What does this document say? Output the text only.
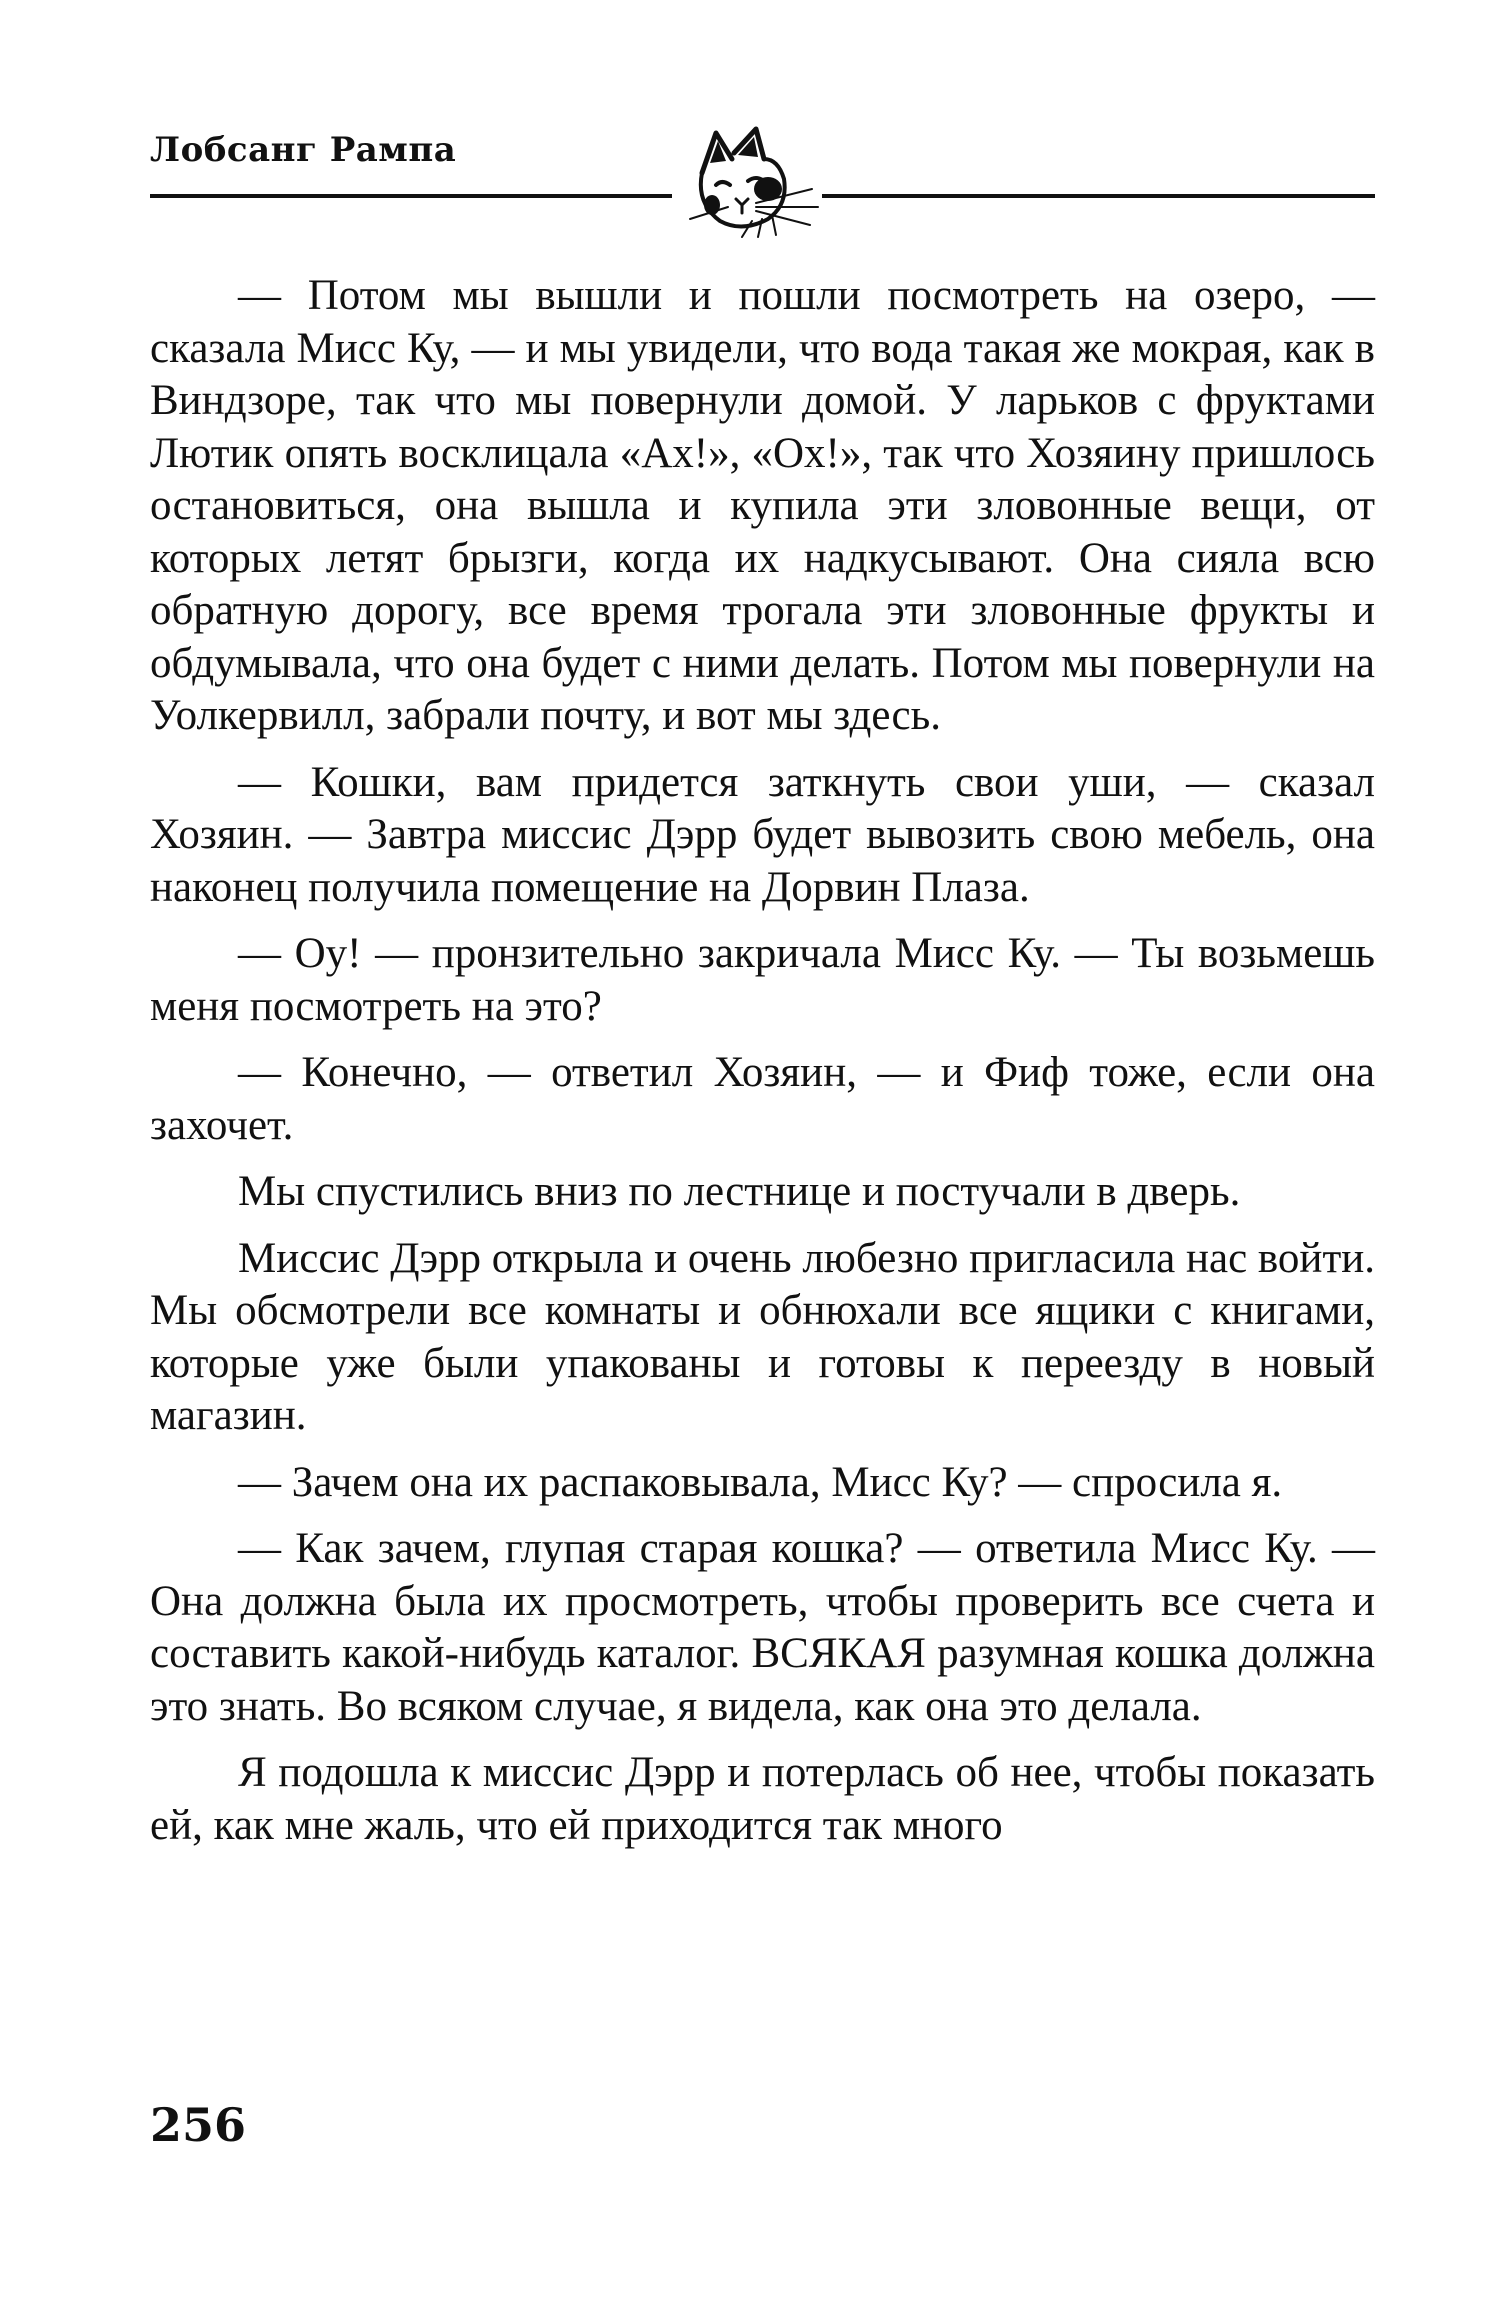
Лобсанг Рампа

— Потом мы вышли и пошли посмотреть на озеро, — сказала Мисс Ку, — и мы увидели, что вода такая же мокрая, как в Виндзоре, так что мы повернули домой. У ларьков с фруктами Лютик опять восклицала «Ах!», «Ох!», так что Хозяину пришлось остановиться, она вышла и купила эти зловонные вещи, от которых летят брызги, когда их надкусывают. Она сияла всю обратную дорогу, все время трогала эти зловонные фрукты и обдумывала, что она будет с ними делать. Потом мы повернули на Уолкервилл, забрали почту, и вот мы здесь.

— Кошки, вам придется заткнуть свои уши, — сказал Хозяин. — Завтра миссис Дэрр будет вывозить свою мебель, она наконец получила помещение на Дорвин Плаза.

— Оу! — пронзительно закричала Мисс Ку. — Ты возьмешь меня посмотреть на это?

— Конечно, — ответил Хозяин, — и Фиф тоже, если она захочет.

Мы спустились вниз по лестнице и постучали в дверь.

Миссис Дэрр открыла и очень любезно пригласила нас войти. Мы обсмотрели все комнаты и обнюхали все ящики с книгами, которые уже были упакованы и готовы к переезду в новый магазин.

— Зачем она их распаковывала, Мисс Ку? — спросила я.

— Как зачем, глупая старая кошка? — ответила Мисс Ку. — Она должна была их просмотреть, чтобы проверить все счета и составить какой-нибудь каталог. ВСЯКАЯ разумная кошка должна это знать. Во всяком случае, я видела, как она это делала.

Я подошла к миссис Дэрр и потерлась об нее, чтобы показать ей, как мне жаль, что ей приходится так много

256
